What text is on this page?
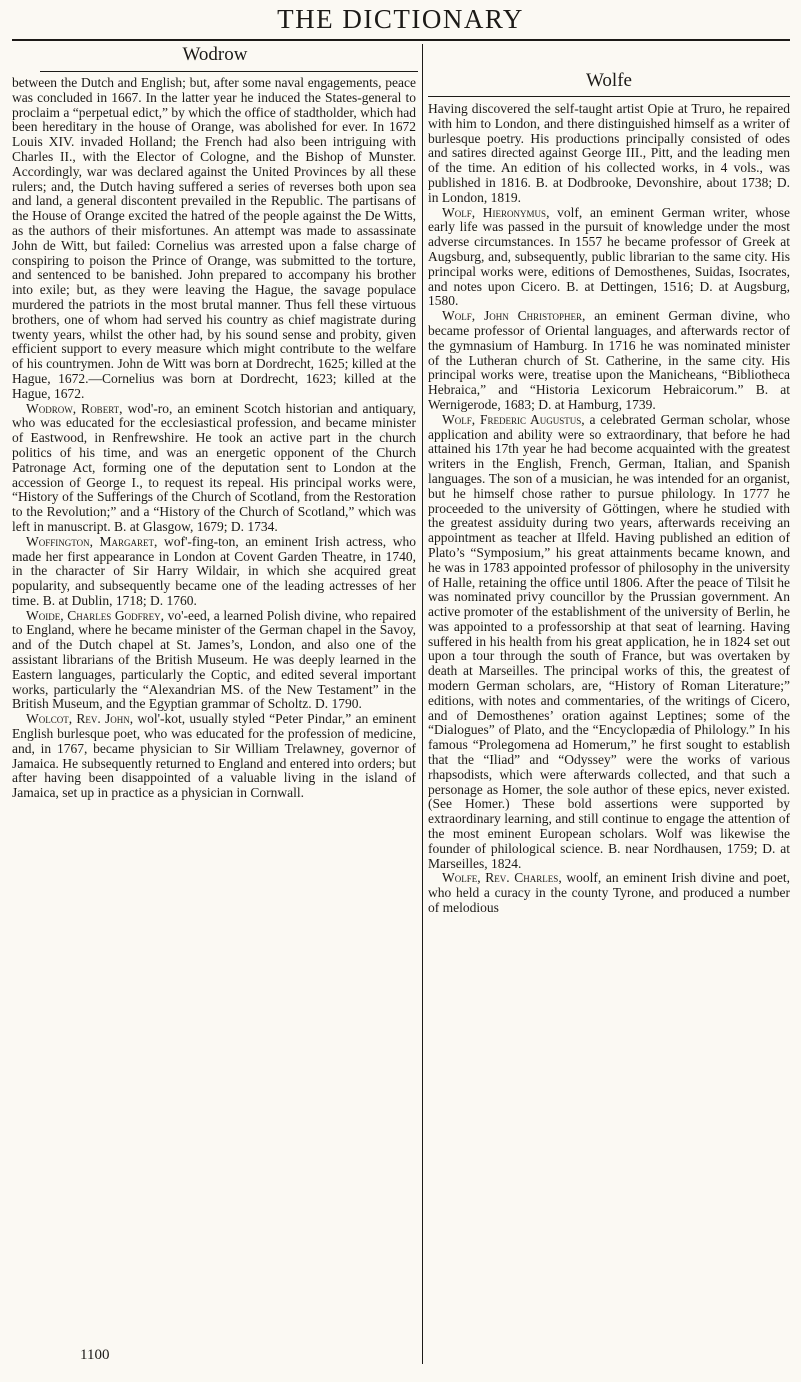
THE DICTIONARY
Wodrow
Wolfe

between the Dutch and English; but, after some naval engagements, peace was concluded in 1667. In the latter year he induced the States-general to proclaim a “perpetual edict,” by which the office of stadtholder, which had been hereditary in the house of Orange, was abolished for ever. In 1672 Louis XIV. invaded Holland; the French had also been intriguing with Charles II., with the Elector of Cologne, and the Bishop of Munster. Accordingly, war was declared against the United Provinces by all these rulers; and, the Dutch having suffered a series of reverses both upon sea and land, a general discontent prevailed in the Republic. The partisans of the House of Orange excited the hatred of the people against the De Witts, as the authors of their misfortunes. An attempt was made to assassinate John de Witt, but failed: Cornelius was arrested upon a false charge of conspiring to poison the Prince of Orange, was submitted to the torture, and sentenced to be banished. John prepared to accompany his brother into exile; but, as they were leaving the Hague, the savage populace murdered the patriots in the most brutal manner. Thus fell these virtuous brothers, one of whom had served his country as chief magistrate during twenty years, whilst the other had, by his sound sense and probity, given efficient support to every measure which might contribute to the welfare of his countrymen. John de Witt was born at Dordrecht, 1625; killed at the Hague, 1672.—Cornelius was born at Dordrecht, 1623; killed at the Hague, 1672.

Wodrow, Robert, wod'-ro, an eminent Scotch historian and antiquary, who was educated for the ecclesiastical profession, and became minister of Eastwood, in Renfrewshire. He took an active part in the church politics of his time, and was an energetic opponent of the Church Patronage Act, forming one of the deputation sent to London at the accession of George I., to request its repeal. His principal works were, “History of the Sufferings of the Church of Scotland, from the Restoration to the Revolution;” and a “History of the Church of Scotland,” which was left in manuscript. B. at Glasgow, 1679; D. 1734.

Woffington, Margaret, wof'-fing-ton, an eminent Irish actress, who made her first appearance in London at Covent Garden Theatre, in 1740, in the character of Sir Harry Wildair, in which she acquired great popularity, and subsequently became one of the leading actresses of her time. B. at Dublin, 1718; D. 1760.

Woide, Charles Godfrey, vo'-eed, a learned Polish divine, who repaired to England, where he became minister of the German chapel in the Savoy, and of the Dutch chapel at St. James’s, London, and also one of the assistant librarians of the British Museum. He was deeply learned in the Eastern languages, particularly the Coptic, and edited several important works, particularly the “Alexandrian MS. of the New Testament” in the British Museum, and the Egyptian grammar of Scholtz. D. 1790.

Wolcot, Rev. John, wol'-kot, usually styled “Peter Pindar,” an eminent English burlesque poet, who was educated for the profession of medicine, and, in 1767, became physician to Sir William Trelawney, governor of Jamaica. He subsequently returned to England and entered into orders; but after having been disappointed of a valuable living in the island of Jamaica, set up in practice as a physician in Cornwall.

Having discovered the self-taught artist Opie at Truro, he repaired with him to London, and there distinguished himself as a writer of burlesque poetry. His productions principally consisted of odes and satires directed against George III., Pitt, and the leading men of the time. An edition of his collected works, in 4 vols., was published in 1816. B. at Dodbrooke, Devonshire, about 1738; D. in London, 1819.

Wolf, Hieronymus, volf, an eminent German writer, whose early life was passed in the pursuit of knowledge under the most adverse circumstances. In 1557 he became professor of Greek at Augsburg, and, subsequently, public librarian to the same city. His principal works were, editions of Demosthenes, Suidas, Isocrates, and notes upon Cicero. B. at Dettingen, 1516; D. at Augsburg, 1580.

Wolf, John Christopher, an eminent German divine, who became professor of Oriental languages, and afterwards rector of the gymnasium of Hamburg. In 1716 he was nominated minister of the Lutheran church of St. Catherine, in the same city. His principal works were, treatise upon the Manicheans, “Bibliotheca Hebraica,” and “Historia Lexicorum Hebraicorum.” B. at Wernigerode, 1683; D. at Hamburg, 1739.

Wolf, Frederic Augustus, a celebrated German scholar, whose application and ability were so extraordinary, that before he had attained his 17th year he had become acquainted with the greatest writers in the English, French, German, Italian, and Spanish languages. The son of a musician, he was intended for an organist, but he himself chose rather to pursue philology. In 1777 he proceeded to the university of Göttingen, where he studied with the greatest assiduity during two years, afterwards receiving an appointment as teacher at Ilfeld. Having published an edition of Plato’s “Symposium,” his great attainments became known, and he was in 1783 appointed professor of philosophy in the university of Halle, retaining the office until 1806. After the peace of Tilsit he was nominated privy councillor by the Prussian government. An active promoter of the establishment of the university of Berlin, he was appointed to a professorship at that seat of learning. Having suffered in his health from his great application, he in 1824 set out upon a tour through the south of France, but was overtaken by death at Marseilles. The principal works of this, the greatest of modern German scholars, are, “History of Roman Literature;” editions, with notes and commentaries, of the writings of Cicero, and of Demosthenes’ oration against Leptines; some of the “Dialogues” of Plato, and the “Encyclopædia of Philology.” In his famous “Prolegomena ad Homerum,” he first sought to establish that the “Iliad” and “Odyssey” were the works of various rhapsodists, which were afterwards collected, and that such a personage as Homer, the sole author of these epics, never existed. (See Homer.) These bold assertions were supported by extraordinary learning, and still continue to engage the attention of the most eminent European scholars. Wolf was likewise the founder of philological science. B. near Nordhausen, 1759; D. at Marseilles, 1824.

Wolfe, Rev. Charles, woolf, an eminent Irish divine and poet, who held a curacy in the county Tyrone, and produced a number of melodious

1100
